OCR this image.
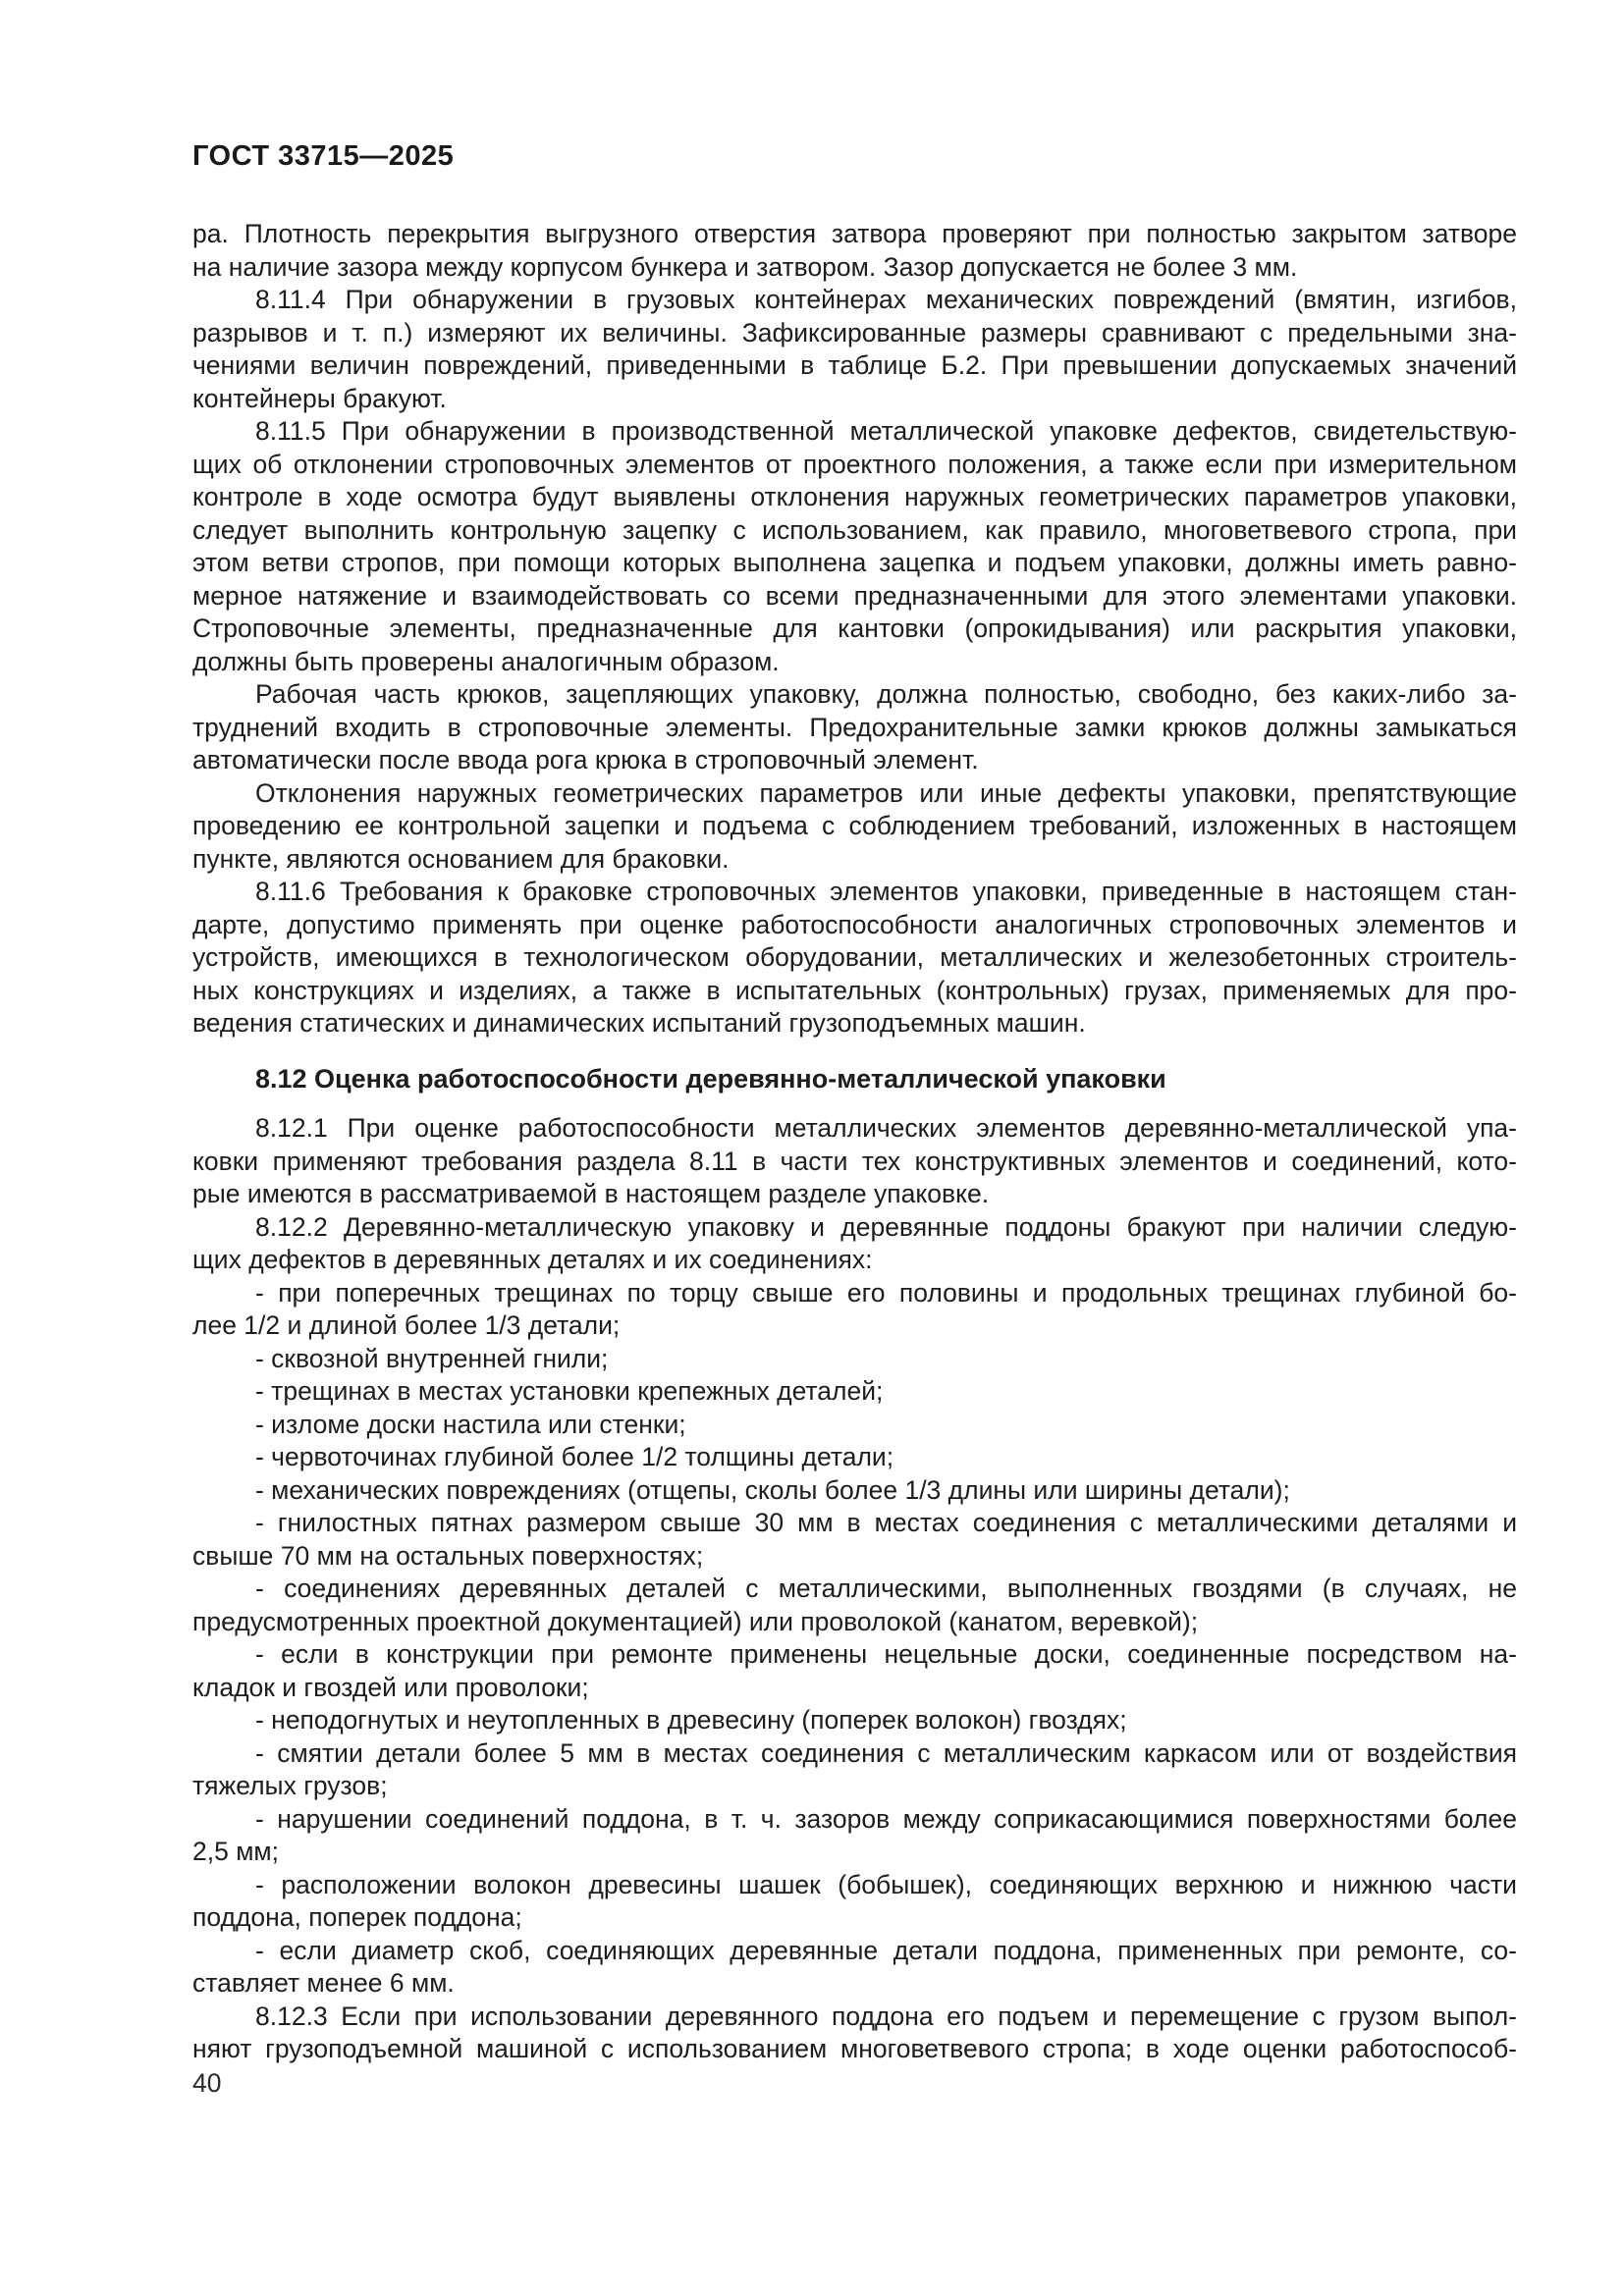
ГОСТ 33715—2025
ра. Плотность перекрытия выгрузного отверстия затвора проверяют при полностью закрытом затворе
на наличие зазора между корпусом бункера и затвором. Зазор допускается не более 3 мм.
8.11.4 При обнаружении в грузовых контейнерах механических повреждений (вмятин, изгибов,
разрывов и т. п.) измеряют их величины. Зафиксированные размеры сравнивают с предельными зна-
чениями величин повреждений, приведенными в таблице Б.2. При превышении допускаемых значений
контейнеры бракуют.
8.11.5 При обнаружении в производственной металлической упаковке дефектов, свидетельствую-
щих об отклонении строповочных элементов от проектного положения, а также если при измерительном
контроле в ходе осмотра будут выявлены отклонения наружных геометрических параметров упаковки,
следует выполнить контрольную зацепку с использованием, как правило, многоветвевого стропа, при
этом ветви стропов, при помощи которых выполнена зацепка и подъем упаковки, должны иметь равно-
мерное натяжение и взаимодействовать со всеми предназначенными для этого элементами упаковки.
Строповочные элементы, предназначенные для кантовки (опрокидывания) или раскрытия упаковки,
должны быть проверены аналогичным образом.
Рабочая часть крюков, зацепляющих упаковку, должна полностью, свободно, без каких-либо за-
труднений входить в строповочные элементы. Предохранительные замки крюков должны замыкаться
автоматически после ввода рога крюка в строповочный элемент.
Отклонения наружных геометрических параметров или иные дефекты упаковки, препятствующие
проведению ее контрольной зацепки и подъема с соблюдением требований, изложенных в настоящем
пункте, являются основанием для браковки.
8.11.6 Требования к браковке строповочных элементов упаковки, приведенные в настоящем стан-
дарте, допустимо применять при оценке работоспособности аналогичных строповочных элементов и
устройств, имеющихся в технологическом оборудовании, металлических и железобетонных строитель-
ных конструкциях и изделиях, а также в испытательных (контрольных) грузах, применяемых для про-
ведения статических и динамических испытаний грузоподъемных машин.
8.12 Оценка работоспособности деревянно-металлической упаковки
8.12.1 При оценке работоспособности металлических элементов деревянно-металлической упа-
ковки применяют требования раздела 8.11 в части тех конструктивных элементов и соединений, кото-
рые имеются в рассматриваемой в настоящем разделе упаковке.
8.12.2 Деревянно-металлическую упаковку и деревянные поддоны бракуют при наличии следую-
щих дефектов в деревянных деталях и их соединениях:
- при поперечных трещинах по торцу свыше его половины и продольных трещинах глубиной бо-
лее 1/2 и длиной более 1/3 детали;
- сквозной внутренней гнили;
- трещинах в местах установки крепежных деталей;
- изломе доски настила или стенки;
- червоточинах глубиной более 1/2 толщины детали;
- механических повреждениях (отщепы, сколы более 1/3 длины или ширины детали);
- гнилостных пятнах размером свыше 30 мм в местах соединения с металлическими деталями и
свыше 70 мм на остальных поверхностях;
- соединениях деревянных деталей с металлическими, выполненных гвоздями (в случаях, не
предусмотренных проектной документацией) или проволокой (канатом, веревкой);
- если в конструкции при ремонте применены нецельные доски, соединенные посредством на-
кладок и гвоздей или проволоки;
- неподогнутых и неутопленных в древесину (поперек волокон) гвоздях;
- смятии детали более 5 мм в местах соединения с металлическим каркасом или от воздействия
тяжелых грузов;
- нарушении соединений поддона, в т. ч. зазоров между соприкасающимися поверхностями более
2,5 мм;
- расположении волокон древесины шашек (бобышек), соединяющих верхнюю и нижнюю части
поддона, поперек поддона;
- если диаметр скоб, соединяющих деревянные детали поддона, примененных при ремонте, со-
ставляет менее 6 мм.
8.12.3 Если при использовании деревянного поддона его подъем и перемещение с грузом выпол-
няют грузоподъемной машиной с использованием многоветвевого стропа; в ходе оценки работоспособ-
40
